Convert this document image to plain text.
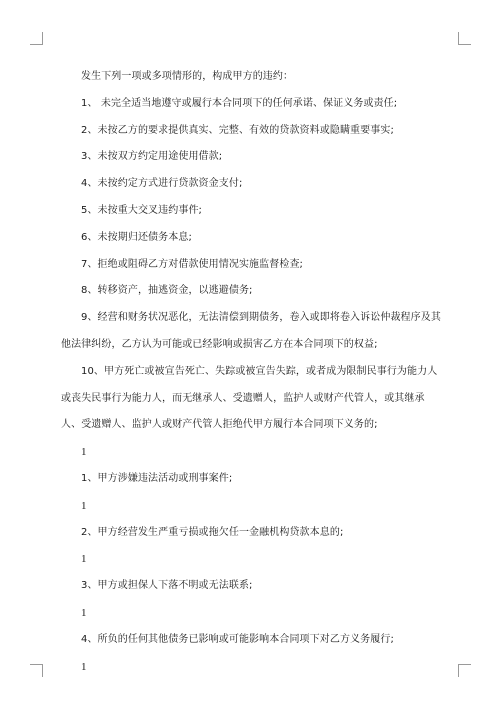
发生下列一项或多项情形的，构成甲方的违约：

1、 未完全适当地遵守或履行本合同项下的任何承诺、保证义务或责任;

2、未按乙方的要求提供真实、完整、有效的贷款资料或隐瞒重要事实;

3、未按双方约定用途使用借款;

4、未按约定方式进行贷款资金支付;

5、未按重大交叉违约事件;

6、未按期归还债务本息;

7、拒绝或阻碍乙方对借款使用情况实施监督检查;

8、转移资产，抽逃资金，以逃避债务;

9、经营和财务状况恶化，无法清偿到期债务，卷入或即将卷入诉讼仲裁程序及其他法律纠纷，乙方认为可能或已经影响或损害乙方在本合同项下的权益;

10、甲方死亡或被宣告死亡、失踪或被宣告失踪，或者成为限制民事行为能力人或丧失民事行为能力人，而无继承人、受遗赠人，监护人或财产代管人，或其继承人、受遗赠人、监护人或财产代管人拒绝代甲方履行本合同项下义务的;

1

1、甲方涉嫌违法活动或刑事案件;

1

2、甲方经营发生严重亏损或拖欠任一金融机构贷款本息的;

1

3、甲方或担保人下落不明或无法联系;

1

4、所负的任何其他债务已影响或可能影响本合同项下对乙方义务履行;

1
